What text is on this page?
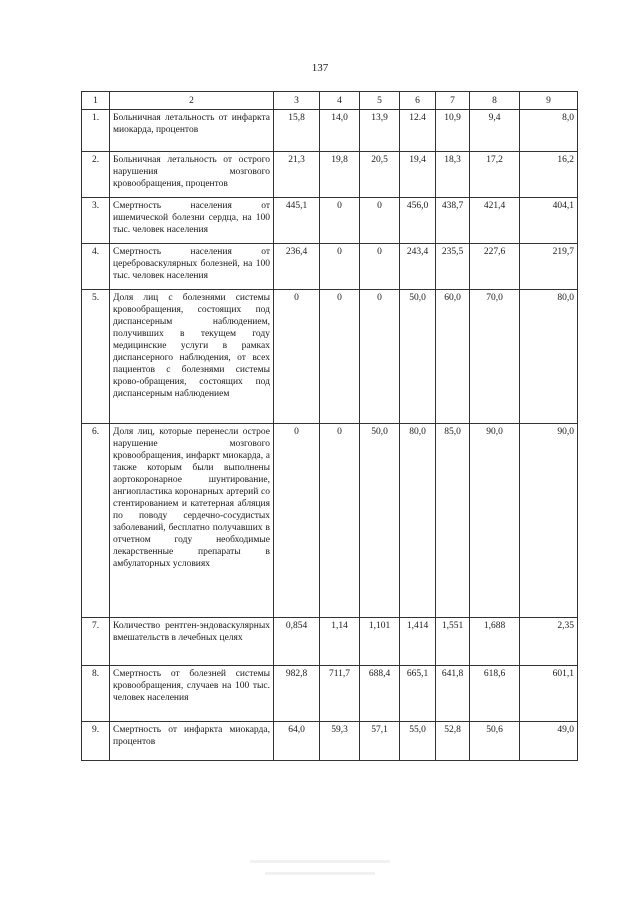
137
1	2	3	4	5	6	7	8	9
1.	Больничная летальность от инфаркта миокарда, процентов	15,8	14,0	13,9	12.4	10,9	9,4	8,0
2.	Больничная летальность от острого нарушения мозгового кровообращения, процентов	21,3	19,8	20,5	19,4	18,3	17,2	16,2
3.	Смертность населения от ишемической болезни сердца, на 100 тыс. человек населения	445,1	0	0	456,0	438,7	421,4	404,1
4.	Смертность населения от цереброваскулярных болезней, на 100 тыс. человек населения	236,4	0	0	243,4	235,5	227,6	219,7
5.	Доля лиц с болезнями системы кровообращения, состоящих под диспансерным наблюдением, получивших в текущем году медицинские услуги в рамках диспансерного наблюдения, от всех пациентов с болезнями системы крово-обращения, состоящих под диспансерным наблюдением	0	0	0	50,0	60,0	70,0	80,0
6.	Доля лиц, которые перенесли острое нарушение мозгового кровообращения, инфаркт миокарда, а также которым были выполнены аортокоронарное шунтирование, ангиопластика коронарных артерий со стентированием и катетерная абляция по поводу сердечно-сосудистых заболеваний, бесплатно получавших в отчетном году необходимые лекарственные препараты в амбулаторных условиях	0	0	50,0	80,0	85,0	90,0	90,0
7.	Количество рентген-эндоваскулярных вмешательств в лечебных целях	0,854	1,14	1,101	1,414	1,551	1,688	2,35
8.	Смертность от болезней системы кровообращения, случаев на 100 тыс. человек населения	982,8	711,7	688,4	665,1	641,8	618,6	601,1
9.	Смертность от инфаркта миокарда, процентов	64,0	59,3	57,1	55,0	52,8	50,6	49,0
